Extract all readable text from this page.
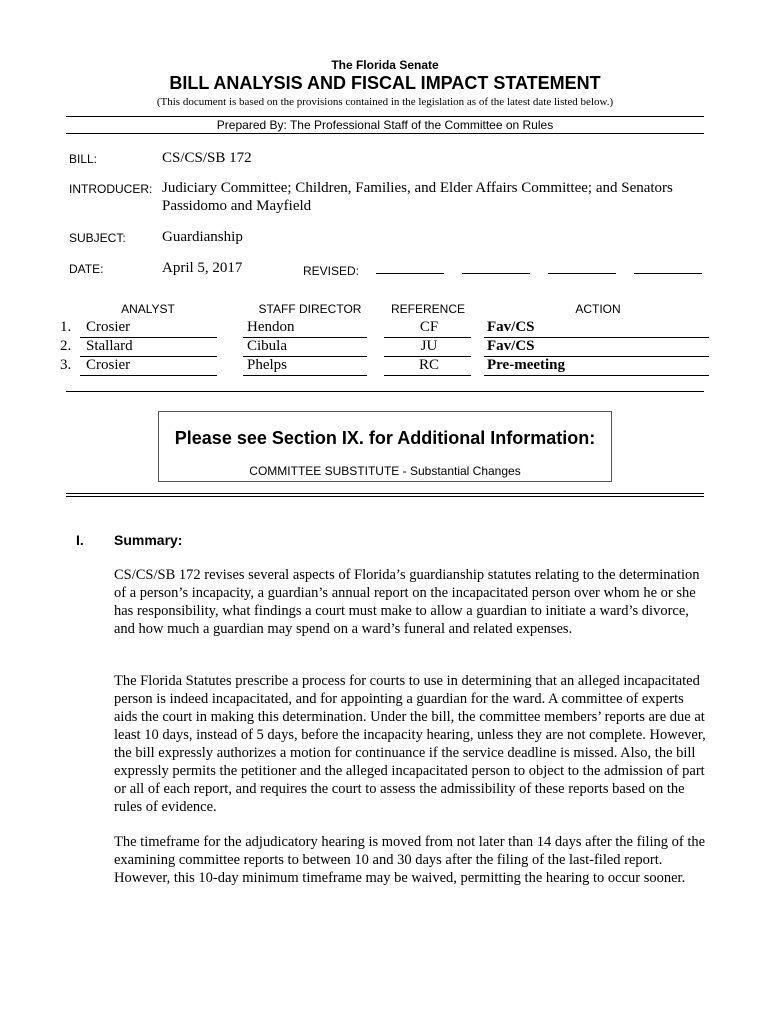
The Florida Senate
BILL ANALYSIS AND FISCAL IMPACT STATEMENT
(This document is based on the provisions contained in the legislation as of the latest date listed below.)
Prepared By: The Professional Staff of the Committee on Rules
BILL:	CS/CS/SB 172
INTRODUCER: Judiciary Committee; Children, Families, and Elder Affairs Committee; and Senators
Passidomo and Mayfield
SUBJECT: Guardianship
DATE:	April 5, 2017	REVISED:
ANALYST	STAFF DIRECTOR	REFERENCE	ACTION
1. Crosier	Hendon	CF	Fav/CS
2. Stallard	Cibula	JU	Fav/CS
3. Crosier	Phelps	RC	Pre-meeting
Please see Section IX. for Additional Information:
COMMITTEE SUBSTITUTE - Substantial Changes
I. Summary:

CS/CS/SB 172 revises several aspects of Florida’s guardianship statutes relating to the determination of a person’s incapacity, a guardian’s annual report on the incapacitated person over whom he or she has responsibility, what findings a court must make to allow a guardian to initiate a ward’s divorce, and how much a guardian may spend on a ward’s funeral and related expenses.

The Florida Statutes prescribe a process for courts to use in determining that an alleged incapacitated person is indeed incapacitated, and for appointing a guardian for the ward. A committee of experts aids the court in making this determination. Under the bill, the committee members’ reports are due at least 10 days, instead of 5 days, before the incapacity hearing, unless they are not complete. However, the bill expressly authorizes a motion for continuance if the service deadline is missed. Also, the bill expressly permits the petitioner and the alleged incapacitated person to object to the admission of part or all of each report, and requires the court to assess the admissibility of these reports based on the rules of evidence.

The timeframe for the adjudicatory hearing is moved from not later than 14 days after the filing of the examining committee reports to between 10 and 30 days after the filing of the last-filed report. However, this 10-day minimum timeframe may be waived, permitting the hearing to occur sooner.
